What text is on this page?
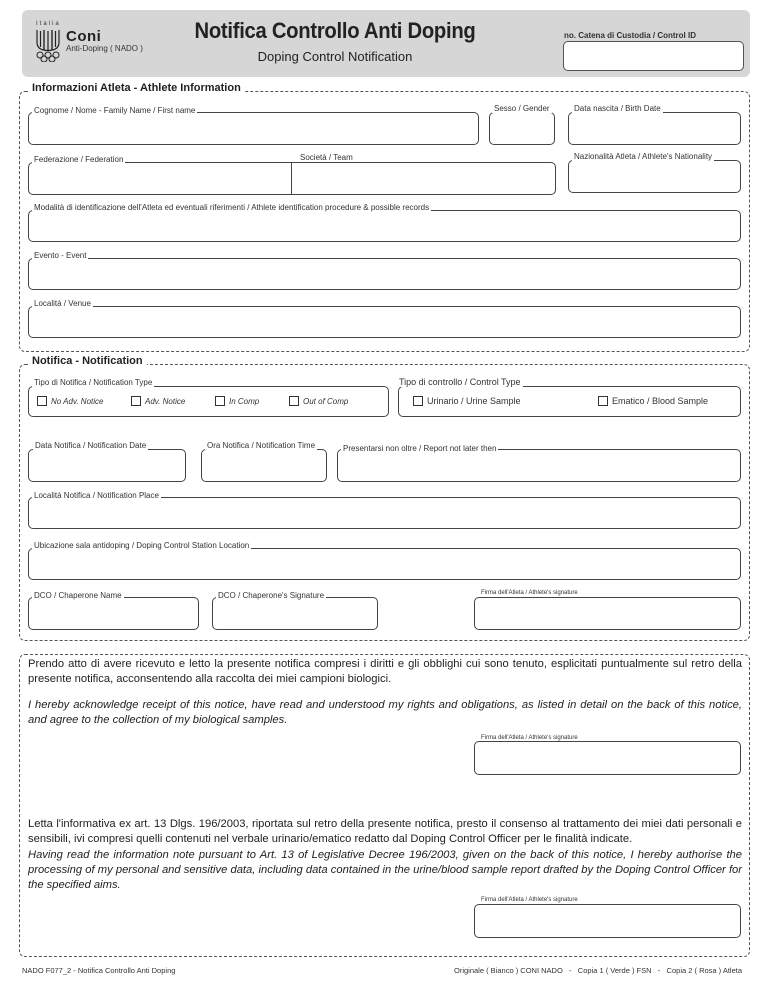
Italia
Coni
Anti-Doping ( NADO )
Notifica Controllo Anti Doping
Doping Control Notification
no. Catena di Custodia / Control ID
Informazioni Atleta - Athlete Information
Cognome / Nome - Family Name / First name	Sesso / Gender	Data nascita / Birth Date
Federazione / Federation	Società / Team	Nazionalità Atleta / Athlete's Nationality
Modalità di identificazione dell'Atleta ed eventuali riferimenti / Athlete identification procedure & possible records
Evento - Event
Località / Venue
Notifica - Notification
Tipo di Notifica / Notification Type
No Adv. Notice	Adv. Notice	In Comp	Out of Comp
Tipo di controllo / Control Type
Urinario / Urine Sample	Ematico / Blood Sample
Data Notifica / Notification Date	Ora Notifica / Notification Time	Presentarsi non oltre / Report not later then
Località Notifica / Notification Place
Ubicazione sala antidoping / Doping Control Station Location
DCO / Chaperone Name	DCO / Chaperone's Signature	Firma dell'Atleta / Athlete's signature
Prendo atto di avere ricevuto e letto la presente notifica compresi i diritti e gli obblighi cui sono tenuto, esplicitati puntualmente sul retro della presente notifica, acconsentendo alla raccolta dei miei campioni biologici.
I hereby acknowledge receipt of this notice, have read and understood my rights and obligations, as listed in detail on the back of this notice, and agree to the collection of my biological samples.
Firma dell'Atleta / Athlete's signature
Letta l'informativa ex art. 13 Dlgs. 196/2003, riportata sul retro della presente notifica, presto il consenso al trattamento dei miei dati personali e sensibili, ivi compresi quelli contenuti nel verbale urinario/ematico redatto dal Doping Control Officer per le finalità indicate.
Having read the information note pursuant to Art. 13 of Legislative Decree 196/2003, given on the back of this notice, I hereby authorise the processing of my personal and sensitive data, including data contained in the urine/blood sample report drafted by the Doping Control Officer for the specified aims.
Firma dell'Atleta / Athlete's signature
NADO F077_2 - Notifica Controllo Anti Doping	Originale ( Bianco ) CONI NADO   -   Copia 1 ( Verde ) FSN   -   Copia 2 ( Rosa ) Atleta
